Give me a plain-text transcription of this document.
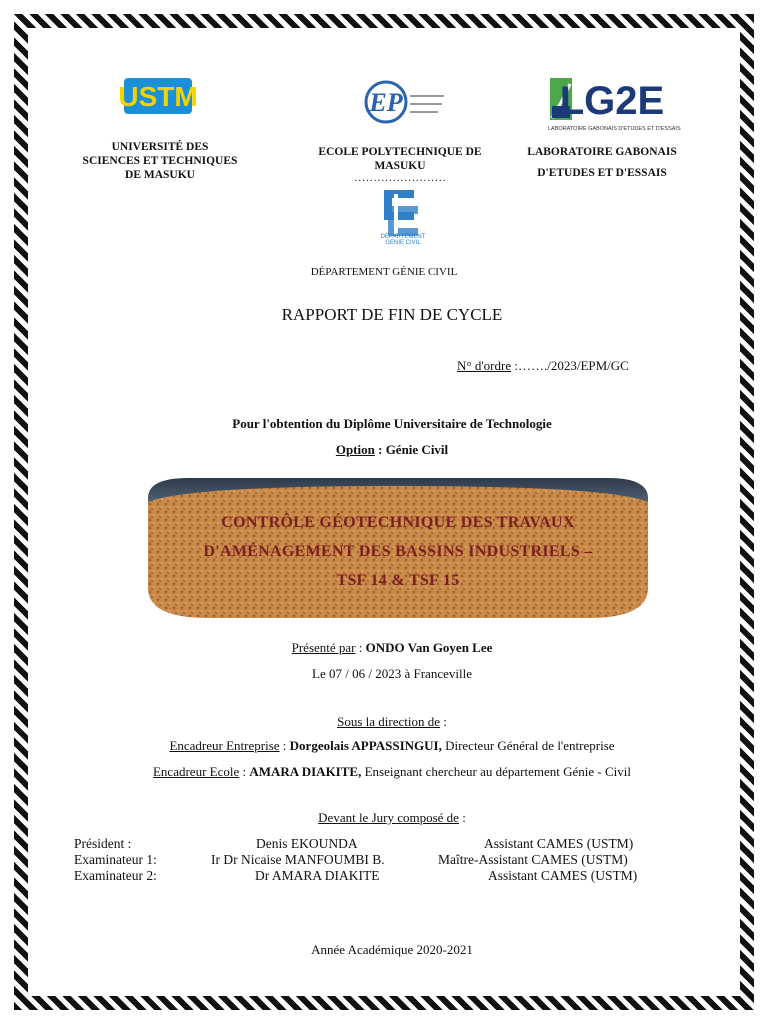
USTM
UNIVERSITÉ DES
SCIENCES ET TECHNIQUES
DE MASUKU
EP
ECOLE POLYTECHNIQUE DE
MASUKU
……………………
DEPARTEMENT
GENIE CIVIL
LG2E
LABORATOIRE GABONAIS D'ETUDES ET D'ESSAIS
LABORATOIRE GABONAIS
D'ETUDES ET D'ESSAIS
DÉPARTEMENT GÉNIE CIVIL
RAPPORT DE FIN DE CYCLE
N° d'ordre :……./2023/EPM/GC
Pour l'obtention du Diplôme Universitaire de Technologie
Option : Génie Civil
CONTRÔLE GÉOTECHNIQUE DES TRAVAUX
D'AMÉNAGEMENT DES BASSINS INDUSTRIELS –
TSF 14 & TSF 15
Présenté par : ONDO Van Goyen Lee
Le 07 / 06 / 2023 à Franceville
Sous la direction de :
Encadreur Entreprise : Dorgeolais APPASSINGUI, Directeur Général de l'entreprise
Encadreur Ecole : AMARA DIAKITE, Enseignant chercheur au département Génie - Civil
Devant le Jury composé de :
Président :	Denis EKOUNDA	Assistant CAMES (USTM)
Examinateur 1:	Ir Dr Nicaise MANFOUMBI B.	Maître-Assistant CAMES (USTM)
Examinateur 2:	Dr AMARA DIAKITE	Assistant CAMES (USTM)
Année Académique 2020-2021
